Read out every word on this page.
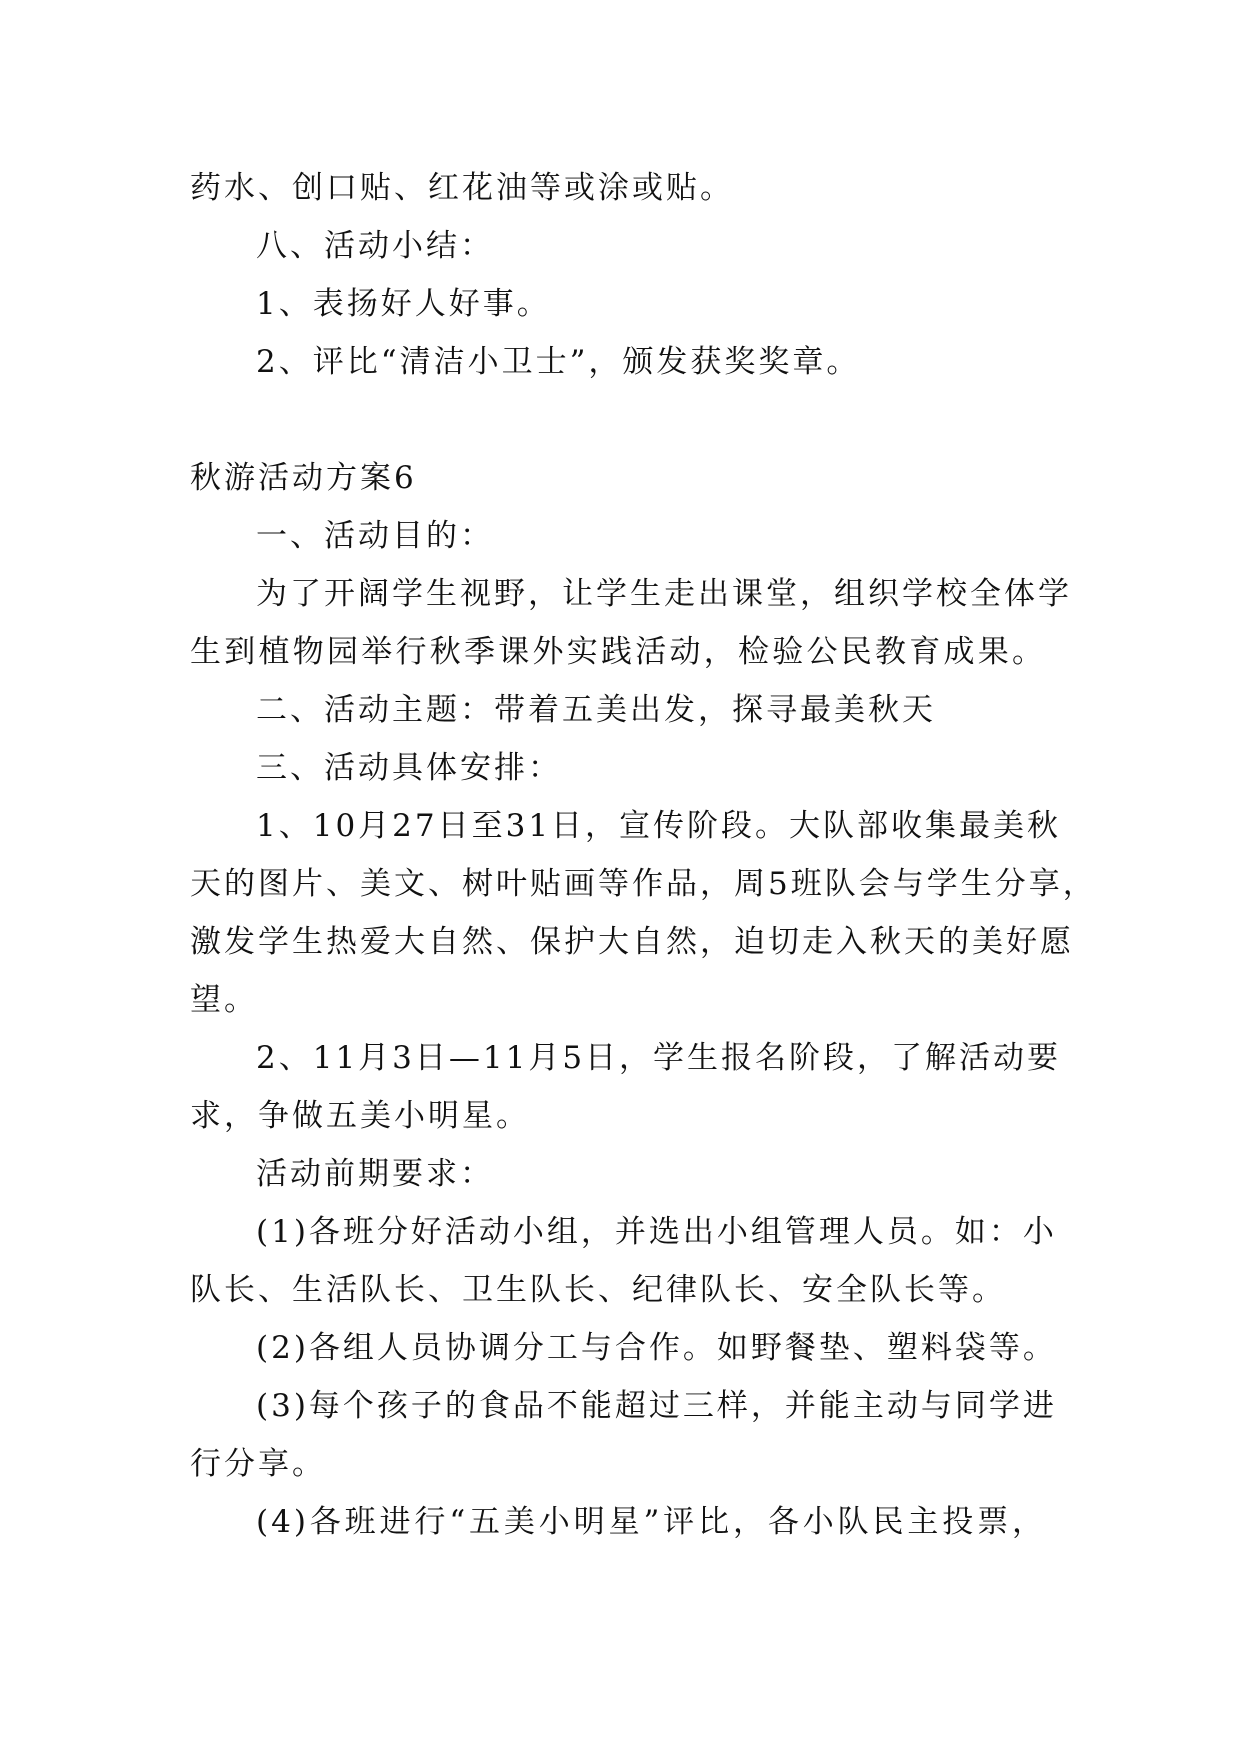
药水、创口贴、红花油等或涂或贴。
八、活动小结：
1、表扬好人好事。
2、评比“清洁小卫士”，颁发获奖奖章。
秋游活动方案6
一、活动目的：
为了开阔学生视野，让学生走出课堂，组织学校全体学
生到植物园举行秋季课外实践活动，检验公民教育成果。
二、活动主题：带着五美出发，探寻最美秋天
三、活动具体安排：
1、10月27日至31日，宣传阶段。大队部收集最美秋
天的图片、美文、树叶贴画等作品，周5班队会与学生分享，
激发学生热爱大自然、保护大自然，迫切走入秋天的美好愿
望。
2、11月3日—11月5日，学生报名阶段，了解活动要
求，争做五美小明星。
活动前期要求：
(1)各班分好活动小组，并选出小组管理人员。如：小
队长、生活队长、卫生队长、纪律队长、安全队长等。
(2)各组人员协调分工与合作。如野餐垫、塑料袋等。
(3)每个孩子的食品不能超过三样，并能主动与同学进
行分享。
(4)各班进行“五美小明星”评比，各小队民主投票，
